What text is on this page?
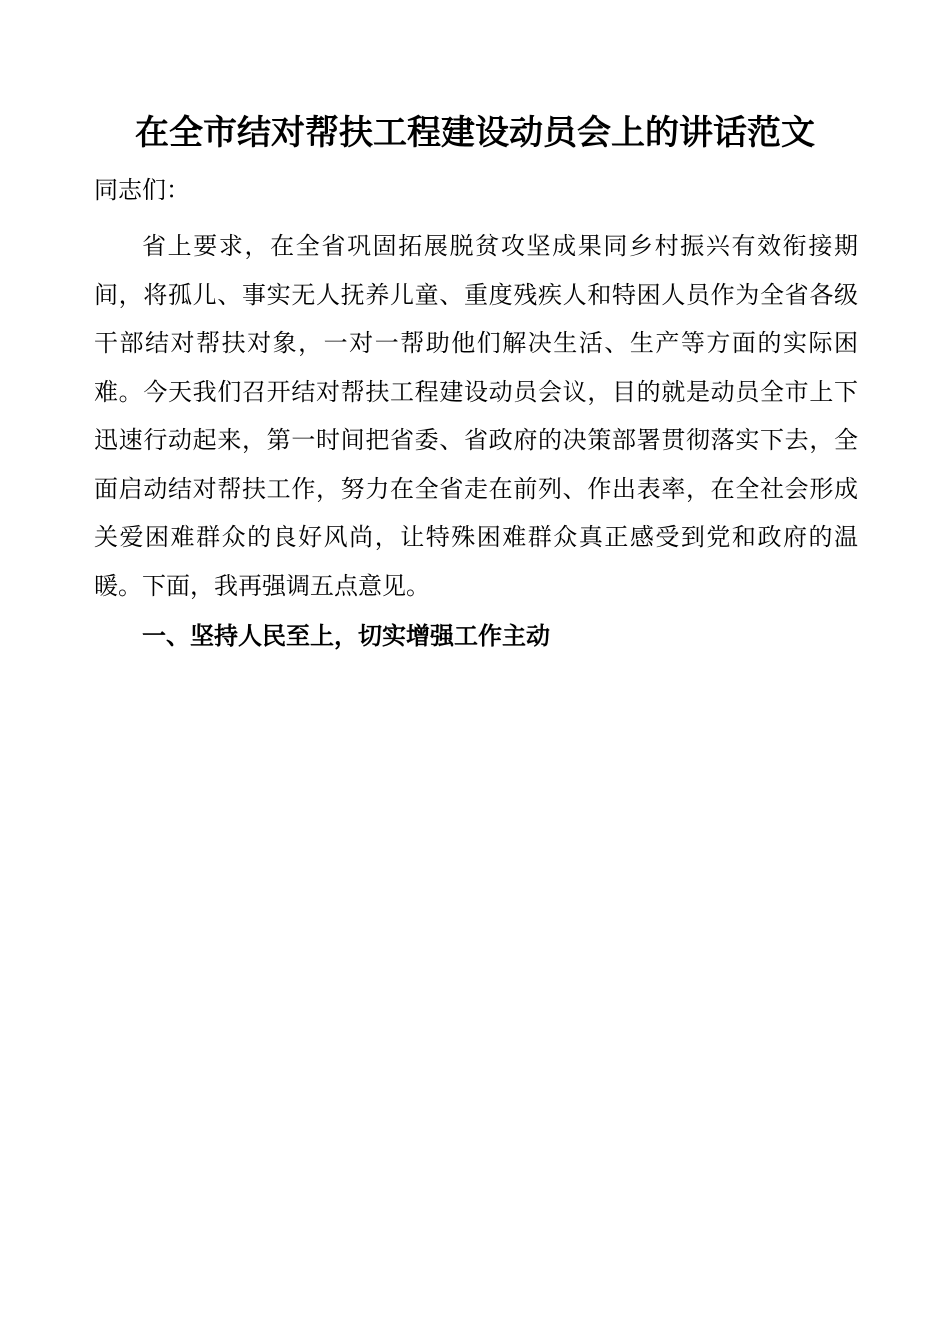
在全市结对帮扶工程建设动员会上的讲话范文

同志们：

省上要求，在全省巩固拓展脱贫攻坚成果同乡村振兴有效衔接期间，将孤儿、事实无人抚养儿童、重度残疾人和特困人员作为全省各级干部结对帮扶对象，一对一帮助他们解决生活、生产等方面的实际困难。今天我们召开结对帮扶工程建设动员会议，目的就是动员全市上下迅速行动起来，第一时间把省委、省政府的决策部署贯彻落实下去，全面启动结对帮扶工作，努力在全省走在前列、作出表率，在全社会形成关爱困难群众的良好风尚，让特殊困难群众真正感受到党和政府的温暖。下面，我再强调五点意见。

一、坚持人民至上，切实增强工作主动
